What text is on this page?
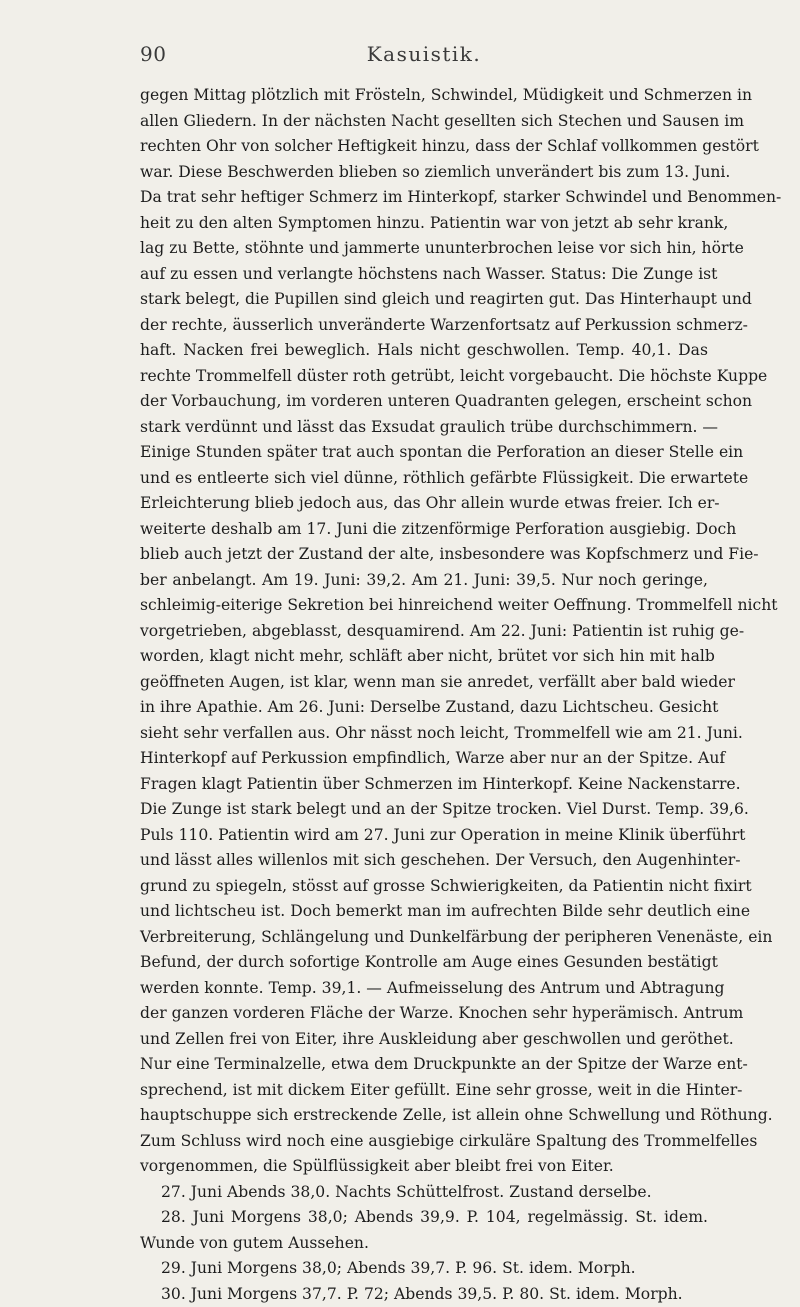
90	Kasuistik.
gegen Mittag plötzlich mit Frösteln, Schwindel, Müdigkeit und Schmerzen in
allen Gliedern. In der nächsten Nacht gesellten sich Stechen und Sausen im
rechten Ohr von solcher Heftigkeit hinzu, dass der Schlaf vollkommen gestört
war. Diese Beschwerden blieben so ziemlich unverändert bis zum 13. Juni.
Da trat sehr heftiger Schmerz im Hinterkopf, starker Schwindel und Benommen-
heit zu den alten Symptomen hinzu. Patientin war von jetzt ab sehr krank,
lag zu Bette, stöhnte und jammerte ununterbrochen leise vor sich hin, hörte
auf zu essen und verlangte höchstens nach Wasser. Status: Die Zunge ist
stark belegt, die Pupillen sind gleich und reagirten gut. Das Hinterhaupt und
der rechte, äusserlich unveränderte Warzenfortsatz auf Perkussion schmerz-
haft. Nacken frei beweglich. Hals nicht geschwollen. Temp. 40,1. Das
rechte Trommelfell düster roth getrübt, leicht vorgebaucht. Die höchste Kuppe
der Vorbauchung, im vorderen unteren Quadranten gelegen, erscheint schon
stark verdünnt und lässt das Exsudat graulich trübe durchschimmern. —
Einige Stunden später trat auch spontan die Perforation an dieser Stelle ein
und es entleerte sich viel dünne, röthlich gefärbte Flüssigkeit. Die erwartete
Erleichterung blieb jedoch aus, das Ohr allein wurde etwas freier. Ich er-
weiterte deshalb am 17. Juni die zitzenförmige Perforation ausgiebig. Doch
blieb auch jetzt der Zustand der alte, insbesondere was Kopfschmerz und Fie-
ber anbelangt. Am 19. Juni: 39,2. Am 21. Juni: 39,5. Nur noch geringe,
schleimig-eiterige Sekretion bei hinreichend weiter Oeffnung. Trommelfell nicht
vorgetrieben, abgeblasst, desquamirend. Am 22. Juni: Patientin ist ruhig ge-
worden, klagt nicht mehr, schläft aber nicht, brütet vor sich hin mit halb
geöffneten Augen, ist klar, wenn man sie anredet, verfällt aber bald wieder
in ihre Apathie. Am 26. Juni: Derselbe Zustand, dazu Lichtscheu. Gesicht
sieht sehr verfallen aus. Ohr nässt noch leicht, Trommelfell wie am 21. Juni.
Hinterkopf auf Perkussion empfindlich, Warze aber nur an der Spitze. Auf
Fragen klagt Patientin über Schmerzen im Hinterkopf. Keine Nackenstarre.
Die Zunge ist stark belegt und an der Spitze trocken. Viel Durst. Temp. 39,6.
Puls 110. Patientin wird am 27. Juni zur Operation in meine Klinik überführt
und lässt alles willenlos mit sich geschehen. Der Versuch, den Augenhinter-
grund zu spiegeln, stösst auf grosse Schwierigkeiten, da Patientin nicht fixirt
und lichtscheu ist. Doch bemerkt man im aufrechten Bilde sehr deutlich eine
Verbreiterung, Schlängelung und Dunkelfärbung der peripheren Venenäste, ein
Befund, der durch sofortige Kontrolle am Auge eines Gesunden bestätigt
werden konnte. Temp. 39,1. — Aufmeisselung des Antrum und Abtragung
der ganzen vorderen Fläche der Warze. Knochen sehr hyperämisch. Antrum
und Zellen frei von Eiter, ihre Auskleidung aber geschwollen und geröthet.
Nur eine Terminalzelle, etwa dem Druckpunkte an der Spitze der Warze ent-
sprechend, ist mit dickem Eiter gefüllt. Eine sehr grosse, weit in die Hinter-
hauptschuppe sich erstreckende Zelle, ist allein ohne Schwellung und Röthung.
Zum Schluss wird noch eine ausgiebige cirkuläre Spaltung des Trommelfelles
vorgenommen, die Spülflüssigkeit aber bleibt frei von Eiter.
27. Juni Abends 38,0. Nachts Schüttelfrost. Zustand derselbe.
28. Juni Morgens 38,0; Abends 39,9. P. 104, regelmässig. St. idem.
Wunde von gutem Aussehen.
29. Juni Morgens 38,0; Abends 39,7. P. 96. St. idem. Morph.
30. Juni Morgens 37,7. P. 72; Abends 39,5. P. 80. St. idem. Morph.
